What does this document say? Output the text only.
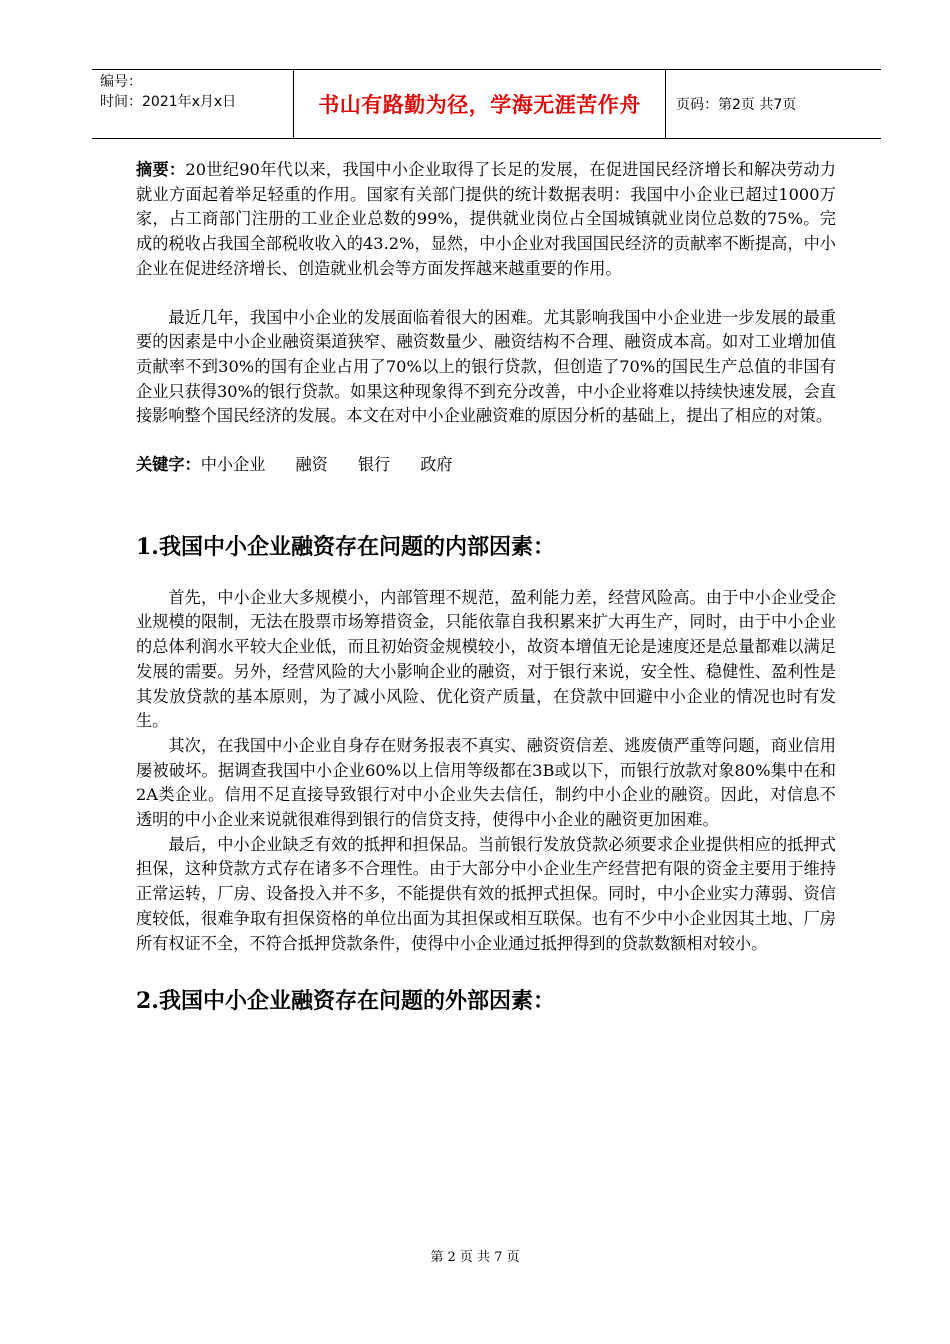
编号：
时间：2021年x月x日	书山有路勤为径，学海无涯苦作舟	页码：第2页 共7页

摘要：20世纪90年代以来，我国中小企业取得了长足的发展，在促进国民经济增长和解决劳动力就业方面起着举足轻重的作用。国家有关部门提供的统计数据表明：我国中小企业已超过1000万家，占工商部门注册的工业企业总数的99%，提供就业岗位占全国城镇就业岗位总数的75%。完成的税收占我国全部税收收入的43.2%，显然，中小企业对我国国民经济的贡献率不断提高，中小企业在促进经济增长、创造就业机会等方面发挥越来越重要的作用。

最近几年，我国中小企业的发展面临着很大的困难。尤其影响我国中小企业进一步发展的最重要的因素是中小企业融资渠道狭窄、融资数量少、融资结构不合理、融资成本高。如对工业增加值贡献率不到30%的国有企业占用了70%以上的银行贷款，但创造了70%的国民生产总值的非国有企业只获得30%的银行贷款。如果这种现象得不到充分改善，中小企业将难以持续快速发展，会直接影响整个国民经济的发展。本文在对中小企业融资难的原因分析的基础上，提出了相应的对策。

关键字：中小企业 融资 银行 政府

1.我国中小企业融资存在问题的内部因素：

首先，中小企业大多规模小，内部管理不规范，盈利能力差，经营风险高。由于中小企业受企业规模的限制，无法在股票市场筹措资金，只能依靠自我积累来扩大再生产，同时，由于中小企业的总体利润水平较大企业低，而且初始资金规模较小，故资本增值无论是速度还是总量都难以满足发展的需要。另外，经营风险的大小影响企业的融资，对于银行来说，安全性、稳健性、盈利性是其发放贷款的基本原则，为了减小风险、优化资产质量，在贷款中回避中小企业的情况也时有发生。

其次，在我国中小企业自身存在财务报表不真实、融资资信差、逃废债严重等问题，商业信用屡被破坏。据调查我国中小企业60%以上信用等级都在3B或以下，而银行放款对象80%集中在和2A类企业。信用不足直接导致银行对中小企业失去信任，制约中小企业的融资。因此，对信息不透明的中小企业来说就很难得到银行的信贷支持，使得中小企业的融资更加困难。

最后，中小企业缺乏有效的抵押和担保品。当前银行发放贷款必须要求企业提供相应的抵押式担保，这种贷款方式存在诸多不合理性。由于大部分中小企业生产经营把有限的资金主要用于维持正常运转，厂房、设备投入并不多，不能提供有效的抵押式担保。同时，中小企业实力薄弱、资信度较低，很难争取有担保资格的单位出面为其担保或相互联保。也有不少中小企业因其土地、厂房所有权证不全，不符合抵押贷款条件，使得中小企业通过抵押得到的贷款数额相对较小。

2.我国中小企业融资存在问题的外部因素：
第 2 页 共 7 页
